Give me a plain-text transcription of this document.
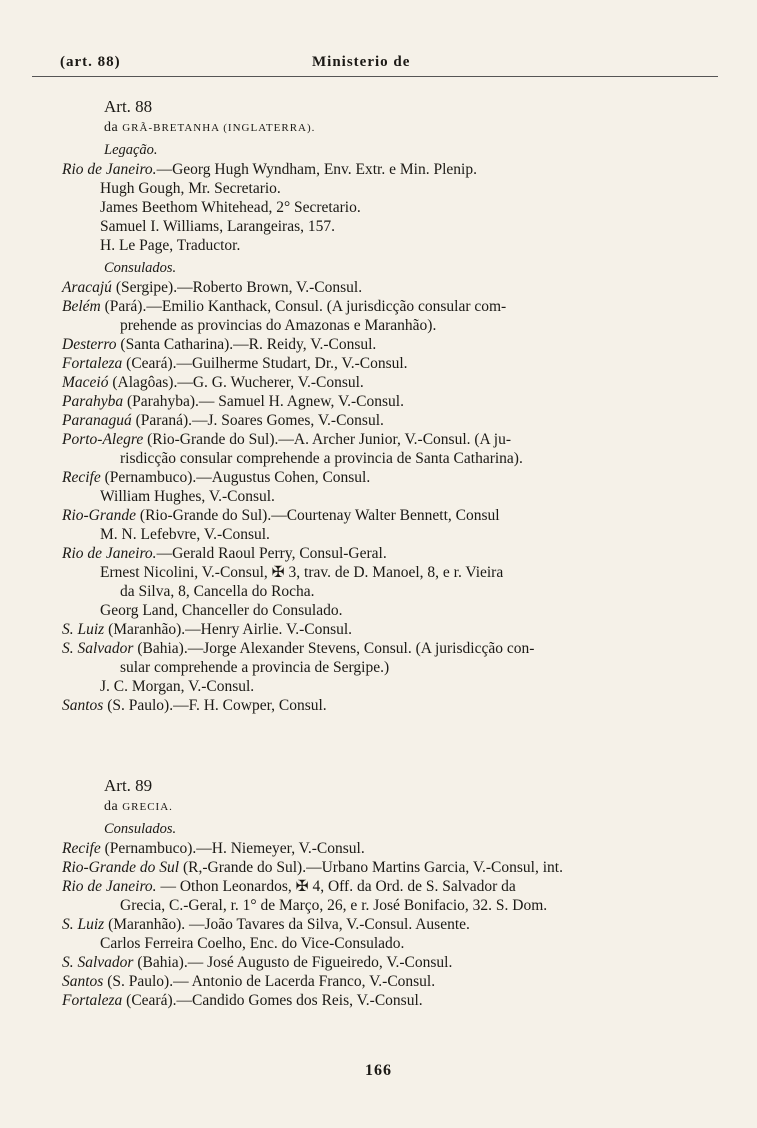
(art. 88)	Ministerio de
Art. 88
da GRÃ-BRETANHA (INGLATERRA).
Legação.
Rio de Janeiro.—Georg Hugh Wyndham, Env. Extr. e Min. Plenip.
Hugh Gough, Mr. Secretario.
James Beethom Whitehead, 2° Secretario.
Samuel I. Williams, Larangeiras, 157.
H. Le Page, Traductor.
Consulados.
Aracajú (Sergipe).—Roberto Brown, V.-Consul.
Belém (Pará).—Emilio Kanthack, Consul. (A jurisdicção consular com-
prehende as provincias do Amazonas e Maranhão).
Desterro (Santa Catharina).—R. Reidy, V.-Consul.
Fortaleza (Ceará).—Guilherme Studart, Dr., V.-Consul.
Maceió (Alagôas).—G. G. Wucherer, V.-Consul.
Parahyba (Parahyba).— Samuel H. Agnew, V.-Consul.
Paranaguá (Paraná).—J. Soares Gomes, V.-Consul.
Porto-Alegre (Rio-Grande do Sul).—A. Archer Junior, V.-Consul. (A ju-
risdicção consular comprehende a provincia de Santa Catharina).
Recife (Pernambuco).—Augustus Cohen, Consul.
William Hughes, V.-Consul.
Rio-Grande (Rio-Grande do Sul).—Courtenay Walter Bennett, Consul
M. N. Lefebvre, V.-Consul.
Rio de Janeiro.—Gerald Raoul Perry, Consul-Geral.
Ernest Nicolini, V.-Consul, ✠ 3, trav. de D. Manoel, 8, e r. Vieira
da Silva, 8, Cancella do Rocha.
Georg Land, Chanceller do Consulado.
S. Luiz (Maranhão).—Henry Airlie. V.-Consul.
S. Salvador (Bahia).—Jorge Alexander Stevens, Consul. (A jurisdicção con-
sular comprehende a provincia de Sergipe.)
J. C. Morgan, V.-Consul.
Santos (S. Paulo).—F. H. Cowper, Consul.
Art. 89
da GRECIA.
Consulados.
Recife (Pernambuco).—H. Niemeyer, V.-Consul.
Rio-Grande do Sul (R,-Grande do Sul).—Urbano Martins Garcia, V.-Consul, int.
Rio de Janeiro. — Othon Leonardos, ✠ 4, Off. da Ord. de S. Salvador da
Grecia, C.-Geral, r. 1° de Março, 26, e r. José Bonifacio, 32. S. Dom.
S. Luiz (Maranhão). —João Tavares da Silva, V.-Consul. Ausente.
Carlos Ferreira Coelho, Enc. do Vice-Consulado.
S. Salvador (Bahia).— José Augusto de Figueiredo, V.-Consul.
Santos (S. Paulo).— Antonio de Lacerda Franco, V.-Consul.
Fortaleza (Ceará).—Candido Gomes dos Reis, V.-Consul.
166
